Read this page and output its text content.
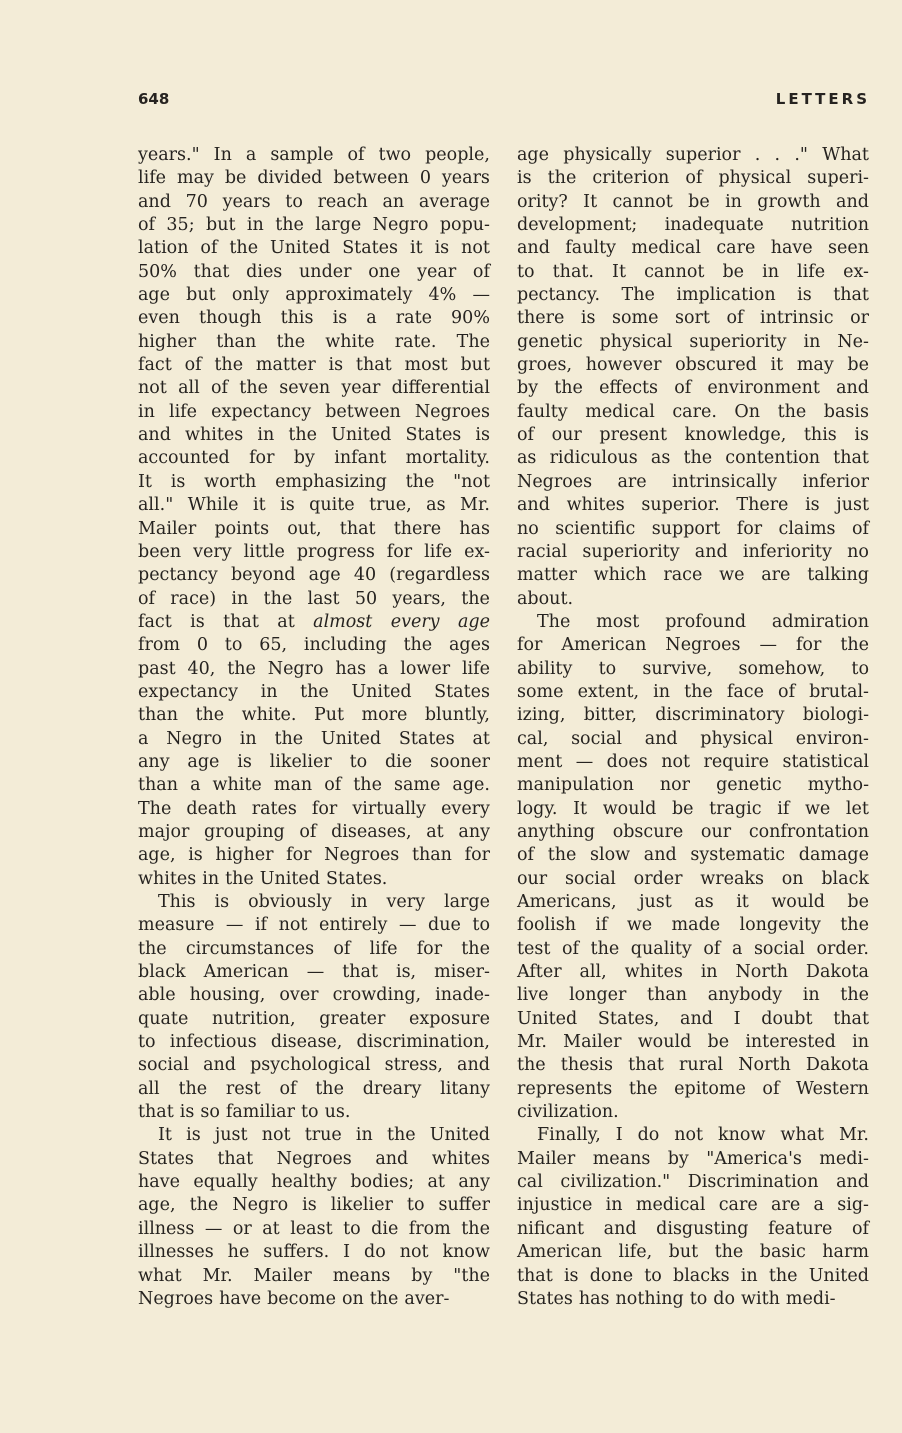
648	LETTERS
years." In a sample of two people,
life may be divided between 0 years
and 70 years to reach an average
of 35; but in the large Negro popu-
lation of the United States it is not
50% that dies under one year of
age but only approximately 4% —
even though this is a rate 90%
higher than the white rate. The
fact of the matter is that most but
not all of the seven year differential
in life expectancy between Negroes
and whites in the United States is
accounted for by infant mortality.
It is worth emphasizing the "not
all." While it is quite true, as Mr.
Mailer points out, that there has
been very little progress for life ex-
pectancy beyond age 40 (regardless
of race) in the last 50 years, the
fact is that at almost every age
from 0 to 65, including the ages
past 40, the Negro has a lower life
expectancy in the United States
than the white. Put more bluntly,
a Negro in the United States at
any age is likelier to die sooner
than a white man of the same age.
The death rates for virtually every
major grouping of diseases, at any
age, is higher for Negroes than for
whites in the United States.
This is obviously in very large
measure — if not entirely — due to
the circumstances of life for the
black American — that is, miser-
able housing, over crowding, inade-
quate nutrition, greater exposure
to infectious disease, discrimination,
social and psychological stress, and
all the rest of the dreary litany
that is so familiar to us.
It is just not true in the United
States that Negroes and whites
have equally healthy bodies; at any
age, the Negro is likelier to suffer
illness — or at least to die from the
illnesses he suffers. I do not know
what Mr. Mailer means by "the
Negroes have become on the aver-
age physically superior . . ." What
is the criterion of physical superi-
ority? It cannot be in growth and
development; inadequate nutrition
and faulty medical care have seen
to that. It cannot be in life ex-
pectancy. The implication is that
there is some sort of intrinsic or
genetic physical superiority in Ne-
groes, however obscured it may be
by the effects of environment and
faulty medical care. On the basis
of our present knowledge, this is
as ridiculous as the contention that
Negroes are intrinsically inferior
and whites superior. There is just
no scientific support for claims of
racial superiority and inferiority no
matter which race we are talking
about.
The most profound admiration
for American Negroes — for the
ability to survive, somehow, to
some extent, in the face of brutal-
izing, bitter, discriminatory biologi-
cal, social and physical environ-
ment — does not require statistical
manipulation nor genetic mytho-
logy. It would be tragic if we let
anything obscure our confrontation
of the slow and systematic damage
our social order wreaks on black
Americans, just as it would be
foolish if we made longevity the
test of the quality of a social order.
After all, whites in North Dakota
live longer than anybody in the
United States, and I doubt that
Mr. Mailer would be interested in
the thesis that rural North Dakota
represents the epitome of Western
civilization.
Finally, I do not know what Mr.
Mailer means by "America's medi-
cal civilization." Discrimination and
injustice in medical care are a sig-
nificant and disgusting feature of
American life, but the basic harm
that is done to blacks in the United
States has nothing to do with medi-
